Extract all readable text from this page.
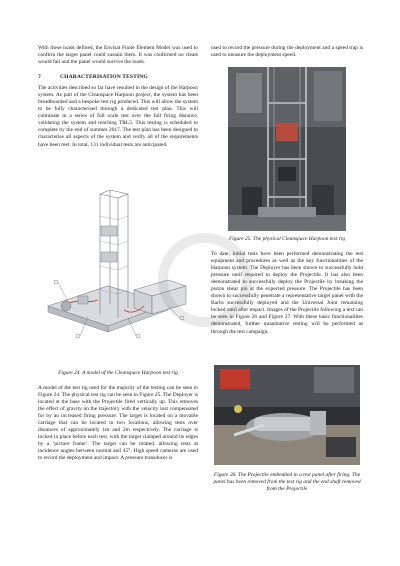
With these loads defined, the Envisat Finite Element Model was used to confirm the target panel could sustain them. It was confirmed no cleats would fail and the panel would survive the loads.

7	CHARACTERISATION TESTING

The activities described so far have resulted in the design of the Harpoon system. As part of the Cleanspace Harpoon project, the system has been breadboarded and a bespoke test rig produced. This will allow the system to be fully characterised through a dedicated test plan. This will culminate in a series of full scale test over the full firing distance, validating the system and reaching TRL5. This testing is scheduled to complete by the end of summer 2017. The test plan has been designed to characterise all aspects of the system and verify all of the requirements have been met. In total, 131 individual tests are anticipated.

Figure 24. A model of the Cleanspace Harpoon test rig

A model of the test rig used for the majority of the testing can be seen in Figure 24. The physical test rig can be seen in Figure 25. The Deployer is located at the base with the Projectile fired vertically up. This removes the effect of gravity on the trajectory with the velocity lost compensated for by an increased firing pressure. The target is located on a movable carriage that can be located in two locations, allowing tests over distances of approximately 1m and 2m respectively. The carriage is locked in place before each test, with the target clamped around its edges by a ‘picture frame’. The target can be rotated, allowing tests at incidence angles between normal and 45°. High speed cameras are used to record the deployment and impact. A pressure transducer is

used to record the pressure during the deployment and a speed trap is used to measure the deployment speed.

Figure 25. The physical Cleanspace Harpoon test rig

To date, initial tests have been performed demonstrating the test equipment and procedures as well as the key functionalities of the Harpoon system. The Deployer has been shown to successfully hold pressure until required to deploy the Projectile. It has also been demonstrated to successfully deploy the Projectile by breaking the piston shear pin at the expected pressure. The Projectile has been shown to successfully penetrate a representative target panel with the Barbs successfully deployed and the Universal Joint remaining locked until after impact. Images of the Projectile following a test can be seen in Figure 26 and Figure 27. With these basic functionalities demonstrated, further quantitative testing will be performed as through the test campaign.

Figure 26. The Projectile embedded in a test panel after firing. The panel has been removed from the test rig and the end shaft removed from the Projectile
